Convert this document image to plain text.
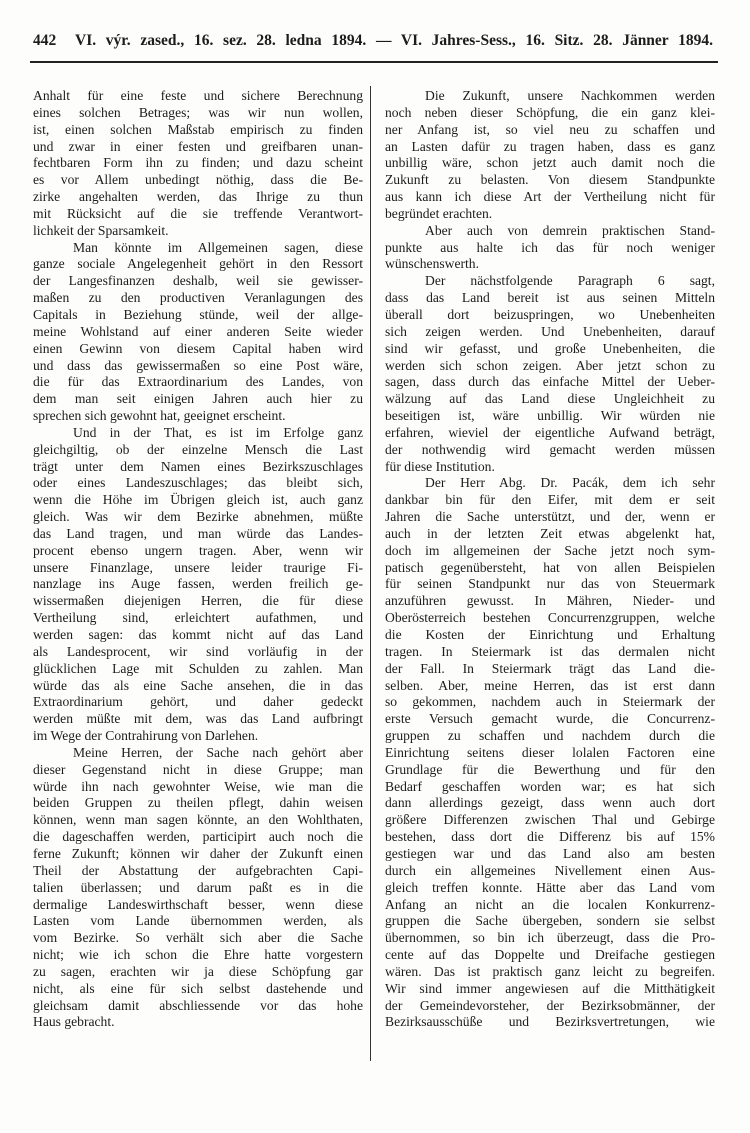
442 VI. výr. zased., 16. sez. 28. ledna 1894. — VI. Jahres-Sess., 16. Sitz. 28. Jänner 1894.
Anhalt für eine feste und sichere Berechnung
eines solchen Betrages; was wir nun wollen,
ist, einen solchen Maßstab empirisch zu finden
und zwar in einer festen und greifbaren unan-
fechtbaren Form ihn zu finden; und dazu scheint
es vor Allem unbedingt nöthig, dass die Be-
zirke angehalten werden, das Ihrige zu thun
mit Rücksicht auf die sie treffende Verantwort-
lichkeit der Sparsamkeit.
Man könnte im Allgemeinen sagen, diese
ganze sociale Angelegenheit gehört in den Ressort
der Langesfinanzen deshalb, weil sie gewisser-
maßen zu den productiven Veranlagungen des
Capitals in Beziehung stünde, weil der allge-
meine Wohlstand auf einer anderen Seite wieder
einen Gewinn von diesem Capital haben wird
und dass das gewissermaßen so eine Post wäre,
die für das Extraordinarium des Landes, von
dem man seit einigen Jahren auch hier zu
sprechen sich gewohnt hat, geeignet erscheint.
Und in der That, es ist im Erfolge ganz
gleichgiltig, ob der einzelne Mensch die Last
trägt unter dem Namen eines Bezirkszuschlages
oder eines Landeszuschlages; das bleibt sich,
wenn die Höhe im Übrigen gleich ist, auch ganz
gleich. Was wir dem Bezirke abnehmen, müßte
das Land tragen, und man würde das Landes-
procent ebenso ungern tragen. Aber, wenn wir
unsere Finanzlage, unsere leider traurige Fi-
nanzlage ins Auge fassen, werden freilich ge-
wissermaßen diejenigen Herren, die für diese
Vertheilung sind, erleichtert aufathmen, und
werden sagen: das kommt nicht auf das Land
als Landesprocent, wir sind vorläufig in der
glücklichen Lage mit Schulden zu zahlen. Man
würde das als eine Sache ansehen, die in das
Extraordinarium gehört, und daher gedeckt
werden müßte mit dem, was das Land aufbringt
im Wege der Contrahirung von Darlehen.
Meine Herren, der Sache nach gehört aber
dieser Gegenstand nicht in diese Gruppe; man
würde ihn nach gewohnter Weise, wie man die
beiden Gruppen zu theilen pflegt, dahin weisen
können, wenn man sagen könnte, an den Wohlthaten,
die dageschaffen werden, participirt auch noch die
ferne Zukunft; können wir daher der Zukunft einen
Theil der Abstattung der aufgebrachten Capi-
talien überlassen; und darum paßt es in die
dermalige Landeswirthschaft besser, wenn diese
Lasten vom Lande übernommen werden, als
vom Bezirke. So verhält sich aber die Sache
nicht; wie ich schon die Ehre hatte vorgestern
zu sagen, erachten wir ja diese Schöpfung gar
nicht, als eine für sich selbst dastehende und
gleichsam damit abschliessende vor das hohe
Haus gebracht.
Die Zukunft, unsere Nachkommen werden
noch neben dieser Schöpfung, die ein ganz klei-
ner Anfang ist, so viel neu zu schaffen und
an Lasten dafür zu tragen haben, dass es ganz
unbillig wäre, schon jetzt auch damit noch die
Zukunft zu belasten. Von diesem Standpunkte
aus kann ich diese Art der Vertheilung nicht für
begründet erachten.
Aber auch von demrein praktischen Stand-
punkte aus halte ich das für noch weniger
wünschenswerth.
Der nächstfolgende Paragraph 6 sagt,
dass das Land bereit ist aus seinen Mitteln
überall dort beizuspringen, wo Unebenheiten
sich zeigen werden. Und Unebenheiten, darauf
sind wir gefasst, und große Unebenheiten, die
werden sich schon zeigen. Aber jetzt schon zu
sagen, dass durch das einfache Mittel der Ueber-
wälzung auf das Land diese Ungleichheit zu
beseitigen ist, wäre unbillig. Wir würden nie
erfahren, wieviel der eigentliche Aufwand beträgt,
der nothwendig wird gemacht werden müssen
für diese Institution.
Der Herr Abg. Dr. Pacák, dem ich sehr
dankbar bin für den Eifer, mit dem er seit
Jahren die Sache unterstützt, und der, wenn er
auch in der letzten Zeit etwas abgelenkt hat,
doch im allgemeinen der Sache jetzt noch sym-
patisch gegenübersteht, hat von allen Beispielen
für seinen Standpunkt nur das von Steuermark
anzuführen gewusst. In Mähren, Nieder- und
Oberösterreich bestehen Concurrenzgruppen, welche
die Kosten der Einrichtung und Erhaltung
tragen. In Steiermark ist das dermalen nicht
der Fall. In Steiermark trägt das Land die-
selben. Aber, meine Herren, das ist erst dann
so gekommen, nachdem auch in Steiermark der
erste Versuch gemacht wurde, die Concurrenz-
gruppen zu schaffen und nachdem durch die
Einrichtung seitens dieser lolalen Factoren eine
Grundlage für die Bewerthung und für den
Bedarf geschaffen worden war; es hat sich
dann allerdings gezeigt, dass wenn auch dort
größere Differenzen zwischen Thal und Gebirge
bestehen, dass dort die Differenz bis auf 15%
gestiegen war und das Land also am besten
durch ein allgemeines Nivellement einen Aus-
gleich treffen konnte. Hätte aber das Land vom
Anfang an nicht an die localen Konkurrenz-
gruppen die Sache übergeben, sondern sie selbst
übernommen, so bin ich überzeugt, dass die Pro-
cente auf das Doppelte und Dreifache gestiegen
wären. Das ist praktisch ganz leicht zu begreifen.
Wir sind immer angewiesen auf die Mitthätigkeit
der Gemeindevorsteher, der Bezirksobmänner, der
Bezirksausschüße und Bezirksvertretungen, wie
